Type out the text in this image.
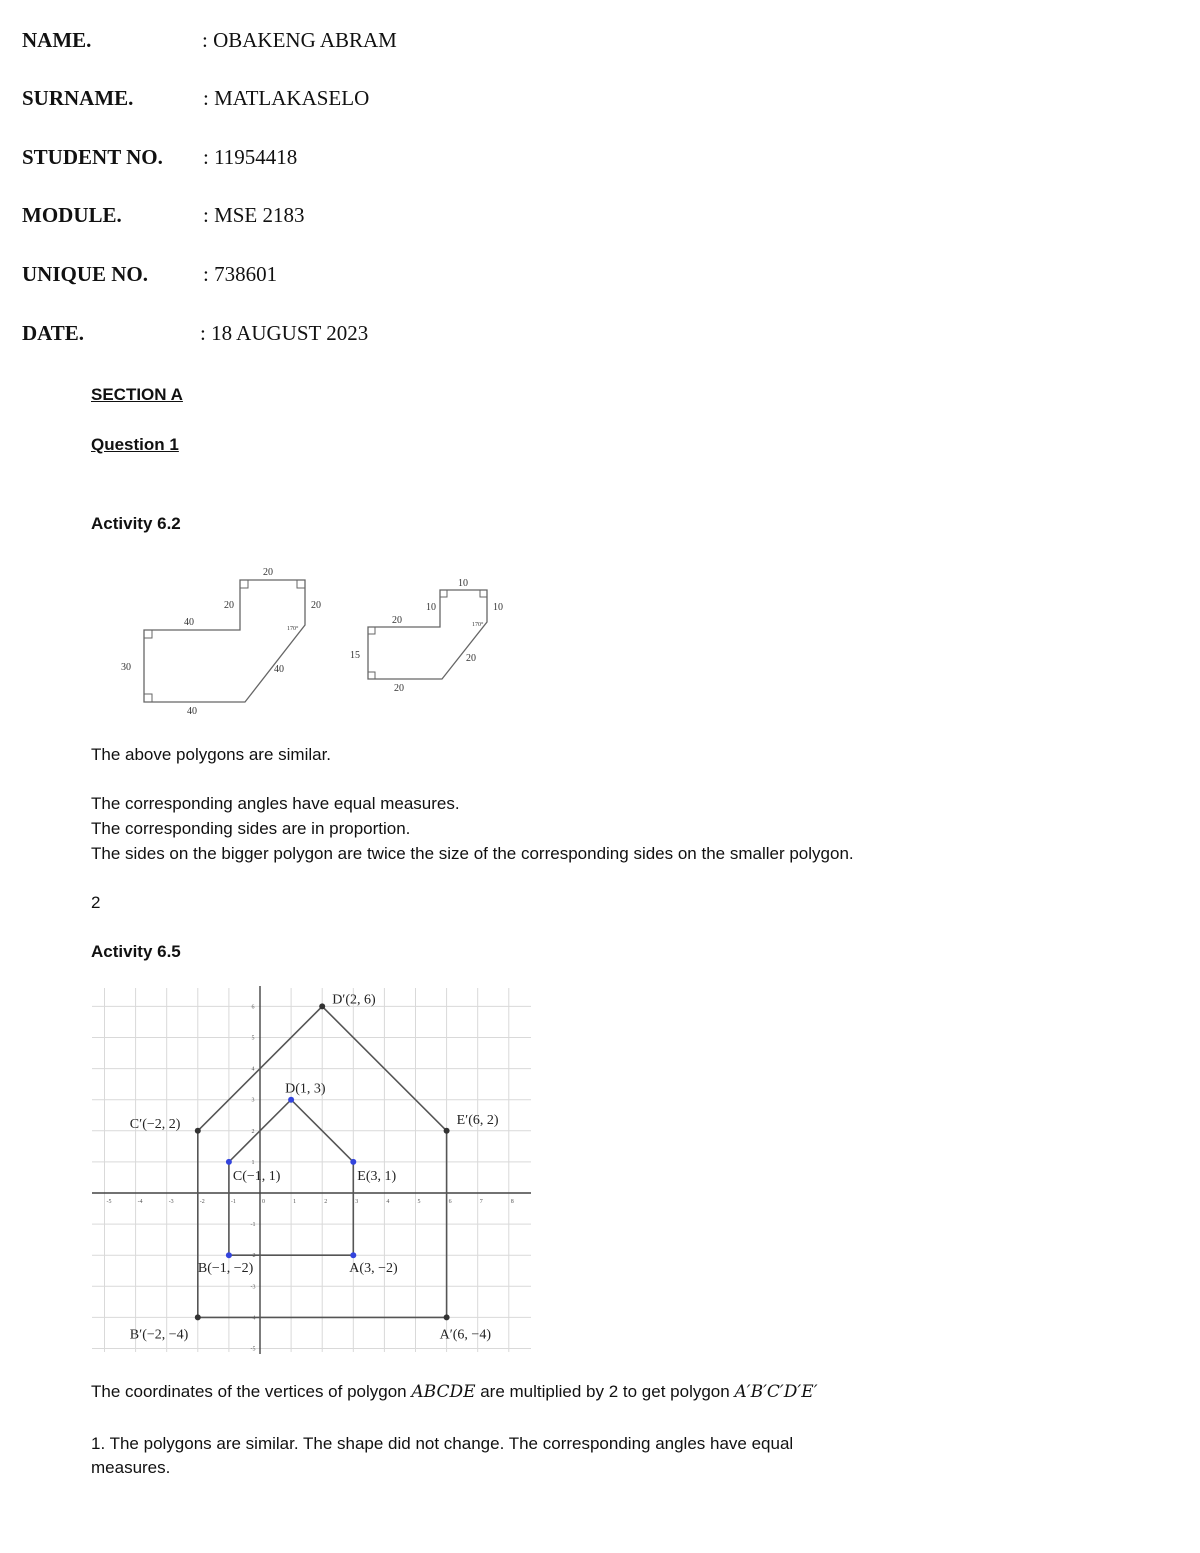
NAME.	: OBAKENG ABRAM
SURNAME.	: MATLAKASELO
STUDENT NO. : 11954418
MODULE.	: MSE 2183
UNIQUE NO.	: 738601
DATE.	: 18 AUGUST 2023
SECTION A
Question 1
Activity 6.2
20
20	20
40
30
40
40
170°
10
10	10
20
15
20
20
170°
The above polygons are similar.
The corresponding angles have equal measures.
The corresponding sides are in proportion.
The sides on the bigger polygon are twice the size of the corresponding sides on the smaller polygon.
2
Activity 6.5
-5	-4	-3	-2	-1	0	1	2	3	4	5	6	7	8
-5
-4
-3
-2
-1
1
2
3
4
5
6
A(3, −2)
B(−1, −2)
C(−1, 1)
D(1, 3)
E(3, 1)
A′(6, −4)
B′(−2, −4)
C′(−2, 2)
D′(2, 6)
E′(6, 2)
The coordinates of the vertices of polygon ABCDE are multiplied by 2 to get polygon A′B′C′D′E′
1. The polygons are similar. The shape did not change. The corresponding angles have equal measures.
